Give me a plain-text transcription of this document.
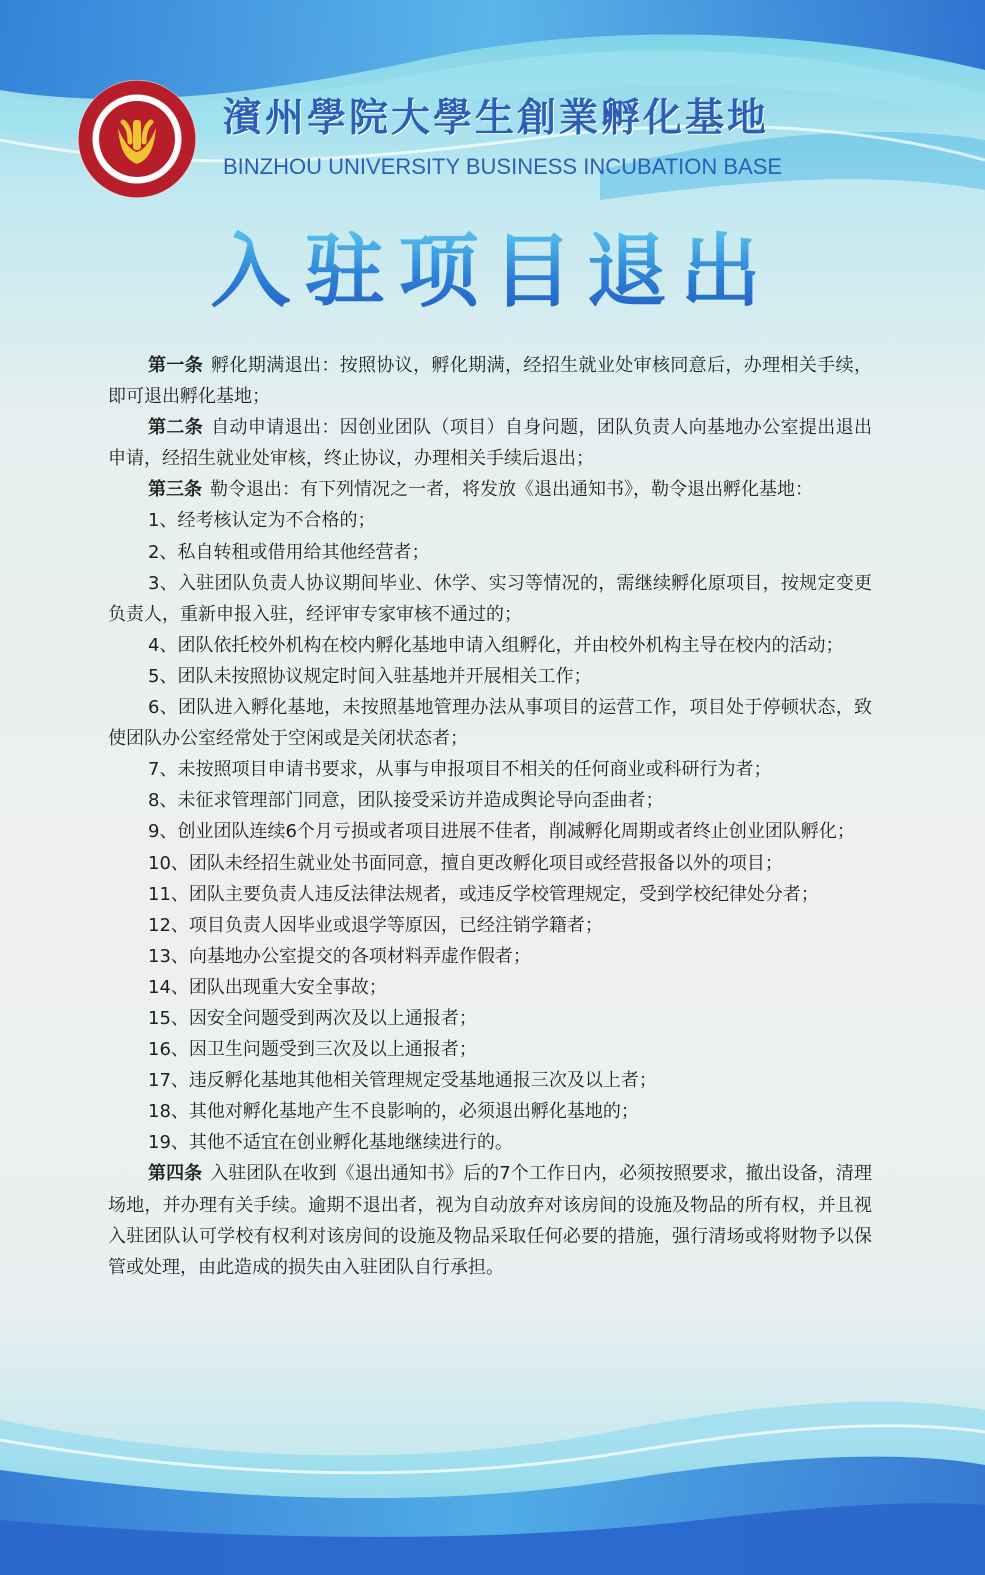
濱州學院大學生創業孵化基地
BINZHOU UNIVERSITY BUSINESS INCUBATION BASE
入驻项目退出

第一条 孵化期满退出：按照协议，孵化期满，经招生就业处审核同意后，办理相关手续，即可退出孵化基地；

第二条 自动申请退出：因创业团队（项目）自身问题，团队负责人向基地办公室提出退出申请，经招生就业处审核，终止协议，办理相关手续后退出；

第三条 勒令退出：有下列情况之一者，将发放《退出通知书》，勒令退出孵化基地：

1、经考核认定为不合格的；

2、私自转租或借用给其他经营者；

3、入驻团队负责人协议期间毕业、休学、实习等情况的，需继续孵化原项目，按规定变更负责人，重新申报入驻，经评审专家审核不通过的；

4、团队依托校外机构在校内孵化基地申请入组孵化，并由校外机构主导在校内的活动；

5、团队未按照协议规定时间入驻基地并开展相关工作；

6、团队进入孵化基地，未按照基地管理办法从事项目的运营工作，项目处于停顿状态，致使团队办公室经常处于空闲或是关闭状态者；

7、未按照项目申请书要求，从事与申报项目不相关的任何商业或科研行为者；

8、未征求管理部门同意，团队接受采访并造成舆论导向歪曲者；

9、创业团队连续6个月亏损或者项目进展不佳者，削减孵化周期或者终止创业团队孵化；

10、团队未经招生就业处书面同意，擅自更改孵化项目或经营报备以外的项目；

11、团队主要负责人违反法律法规者，或违反学校管理规定，受到学校纪律处分者；

12、项目负责人因毕业或退学等原因，已经注销学籍者；

13、向基地办公室提交的各项材料弄虚作假者；

14、团队出现重大安全事故；

15、因安全问题受到两次及以上通报者；

16、因卫生问题受到三次及以上通报者；

17、违反孵化基地其他相关管理规定受基地通报三次及以上者；

18、其他对孵化基地产生不良影响的，必须退出孵化基地的；

19、其他不适宜在创业孵化基地继续进行的。

第四条 入驻团队在收到《退出通知书》后的7个工作日内，必须按照要求，撤出设备，清理场地，并办理有关手续。逾期不退出者，视为自动放弃对该房间的设施及物品的所有权，并且视入驻团队认可学校有权利对该房间的设施及物品采取任何必要的措施，强行清场或将财物予以保管或处理，由此造成的损失由入驻团队自行承担。
